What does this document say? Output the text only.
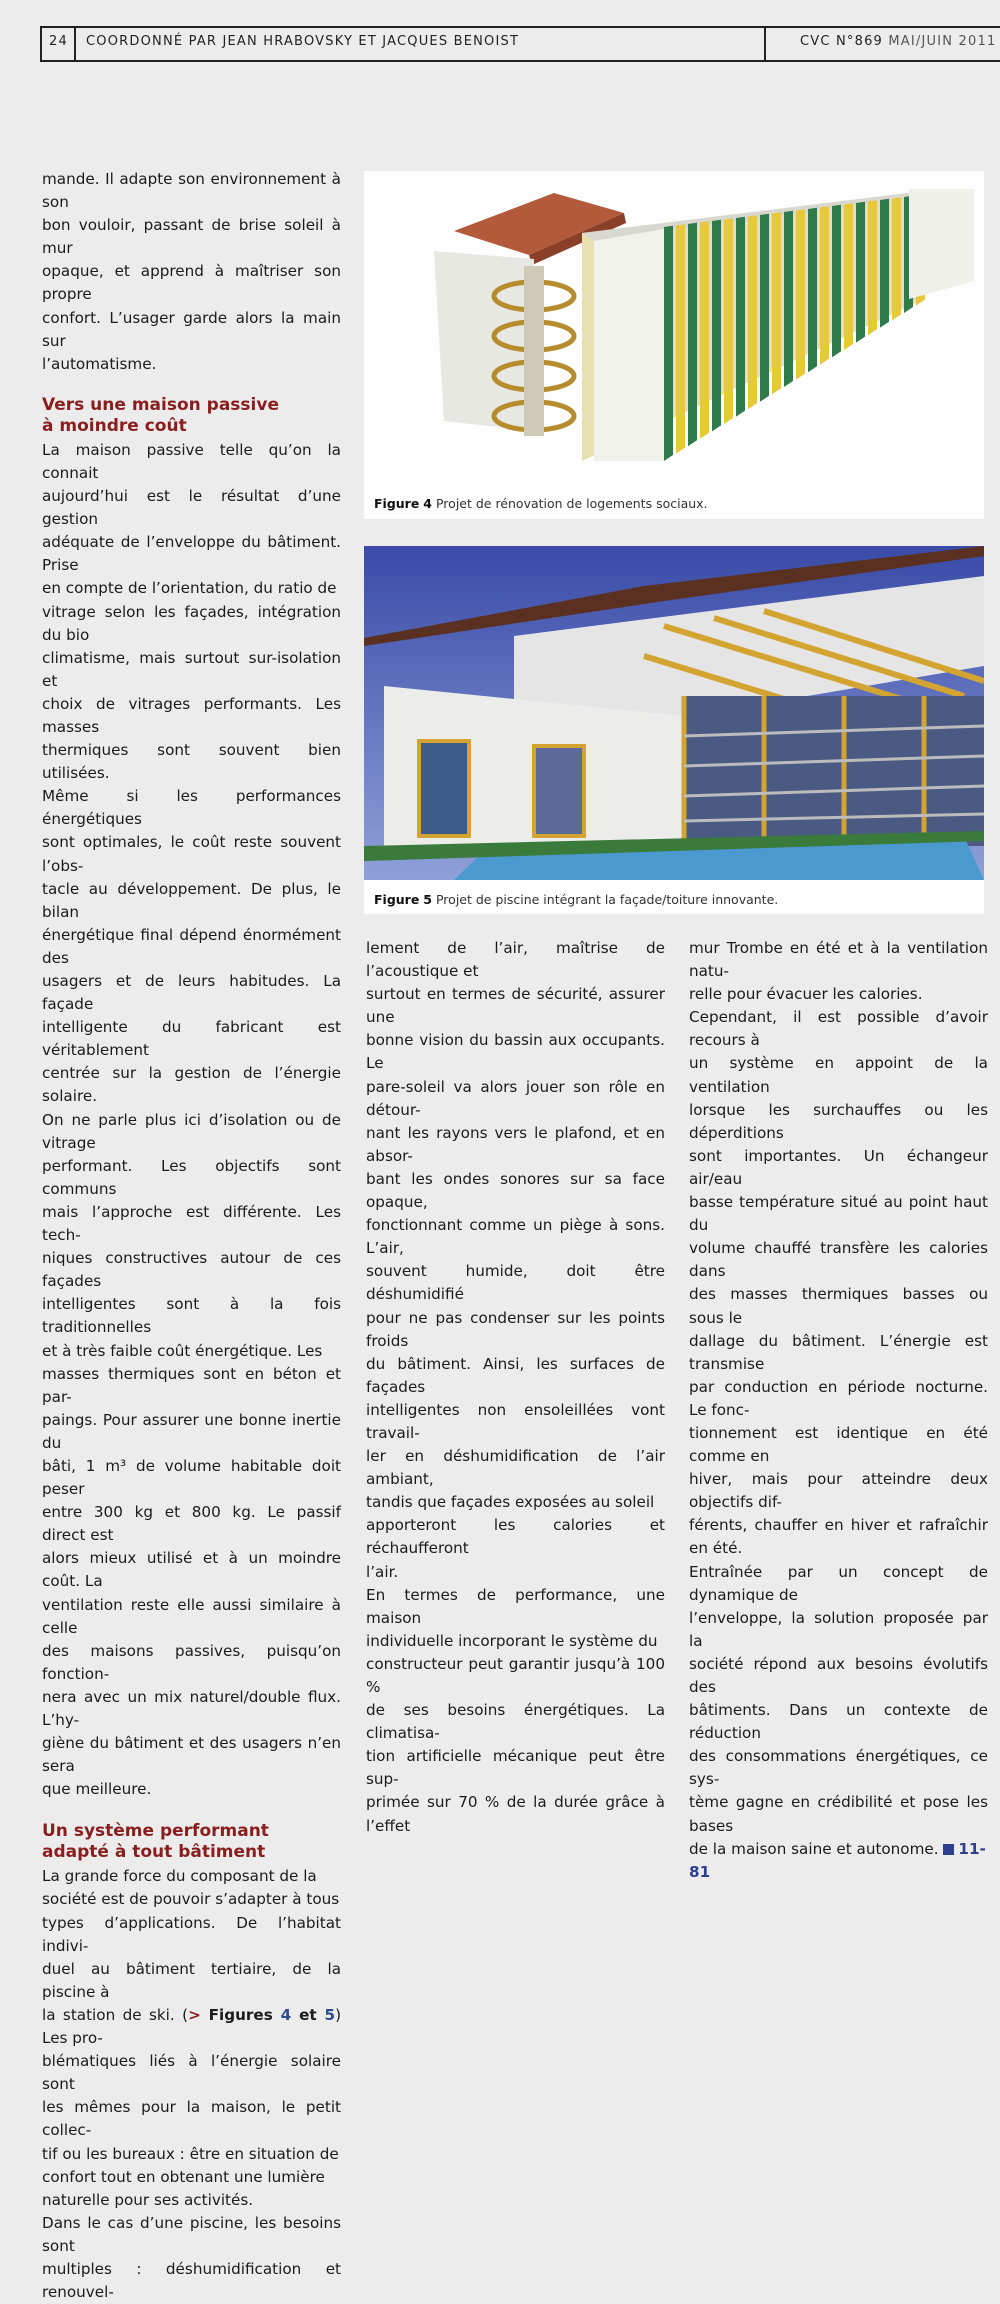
24 COORDONNÉ PAR JEAN HRABOVSKY ET JACQUES BENOIST	CVC N°869 MAI/JUIN 2011
mande. Il adapte son environnement à son
bon vouloir, passant de brise soleil à mur
opaque, et apprend à maîtriser son propre
confort. L’usager garde alors la main sur
l’automatisme.
Vers une maison passive
à moindre coût
La maison passive telle qu’on la connait
aujourd’hui est le résultat d’une gestion
adéquate de l’enveloppe du bâtiment. Prise
en compte de l’orientation, du ratio de
vitrage selon les façades, intégration du bio
climatisme, mais surtout sur-isolation et
choix de vitrages performants. Les masses
thermiques sont souvent bien utilisées.
Même si les performances énergétiques
sont optimales, le coût reste souvent l’obs-
tacle au développement. De plus, le bilan
énergétique final dépend énormément des
usagers et de leurs habitudes. La façade
intelligente du fabricant est véritablement
centrée sur la gestion de l’énergie solaire.
On ne parle plus ici d’isolation ou de vitrage
performant. Les objectifs sont communs
mais l’approche est différente. Les tech-
niques constructives autour de ces façades
intelligentes sont à la fois traditionnelles
et à très faible coût énergétique. Les
masses thermiques sont en béton et par-
paings. Pour assurer une bonne inertie du
bâti, 1 m³ de volume habitable doit peser
entre 300 kg et 800 kg. Le passif direct est
alors mieux utilisé et à un moindre coût. La
ventilation reste elle aussi similaire à celle
des maisons passives, puisqu’on fonction-
nera avec un mix naturel/double flux. L’hy-
giène du bâtiment et des usagers n’en sera
que meilleure.
Un système performant
adapté à tout bâtiment
La grande force du composant de la
société est de pouvoir s’adapter à tous
types d’applications. De l’habitat indivi-
duel au bâtiment tertiaire, de la piscine à
la station de ski. (> Figures 4 et 5) Les pro-
blématiques liés à l’énergie solaire sont
les mêmes pour la maison, le petit collec-
tif ou les bureaux : être en situation de
confort tout en obtenant une lumière
naturelle pour ses activités.
Dans le cas d’une piscine, les besoins sont
multiples : déshumidification et renouvel-
Figure 4 Projet de rénovation de logements sociaux.
Figure 5 Projet de piscine intégrant la façade/toiture innovante.
lement de l’air, maîtrise de l’acoustique et
surtout en termes de sécurité, assurer une
bonne vision du bassin aux occupants. Le
pare-soleil va alors jouer son rôle en détour-
nant les rayons vers le plafond, et en absor-
bant les ondes sonores sur sa face opaque,
fonctionnant comme un piège à sons. L’air,
souvent humide, doit être déshumidifié
pour ne pas condenser sur les points froids
du bâtiment. Ainsi, les surfaces de façades
intelligentes non ensoleillées vont travail-
ler en déshumidification de l’air ambiant,
tandis que façades exposées au soleil
apporteront les calories et réchaufferont
l’air.
En termes de performance, une maison
individuelle incorporant le système du
constructeur peut garantir jusqu’à 100 %
de ses besoins énergétiques. La climatisa-
tion artificielle mécanique peut être sup-
primée sur 70 % de la durée grâce à l’effet
mur Trombe en été et à la ventilation natu-
relle pour évacuer les calories.
Cependant, il est possible d’avoir recours à
un système en appoint de la ventilation
lorsque les surchauffes ou les déperditions
sont importantes. Un échangeur air/eau
basse température situé au point haut du
volume chauffé transfère les calories dans
des masses thermiques basses ou sous le
dallage du bâtiment. L’énergie est transmise
par conduction en période nocturne. Le fonc-
tionnement est identique en été comme en
hiver, mais pour atteindre deux objectifs dif-
férents, chauffer en hiver et rafraîchir en été.
Entraînée par un concept de dynamique de
l’enveloppe, la solution proposée par la
société répond aux besoins évolutifs des
bâtiments. Dans un contexte de réduction
des consommations énergétiques, ce sys-
tème gagne en crédibilité et pose les bases
de la maison saine et autonome. 11-81
